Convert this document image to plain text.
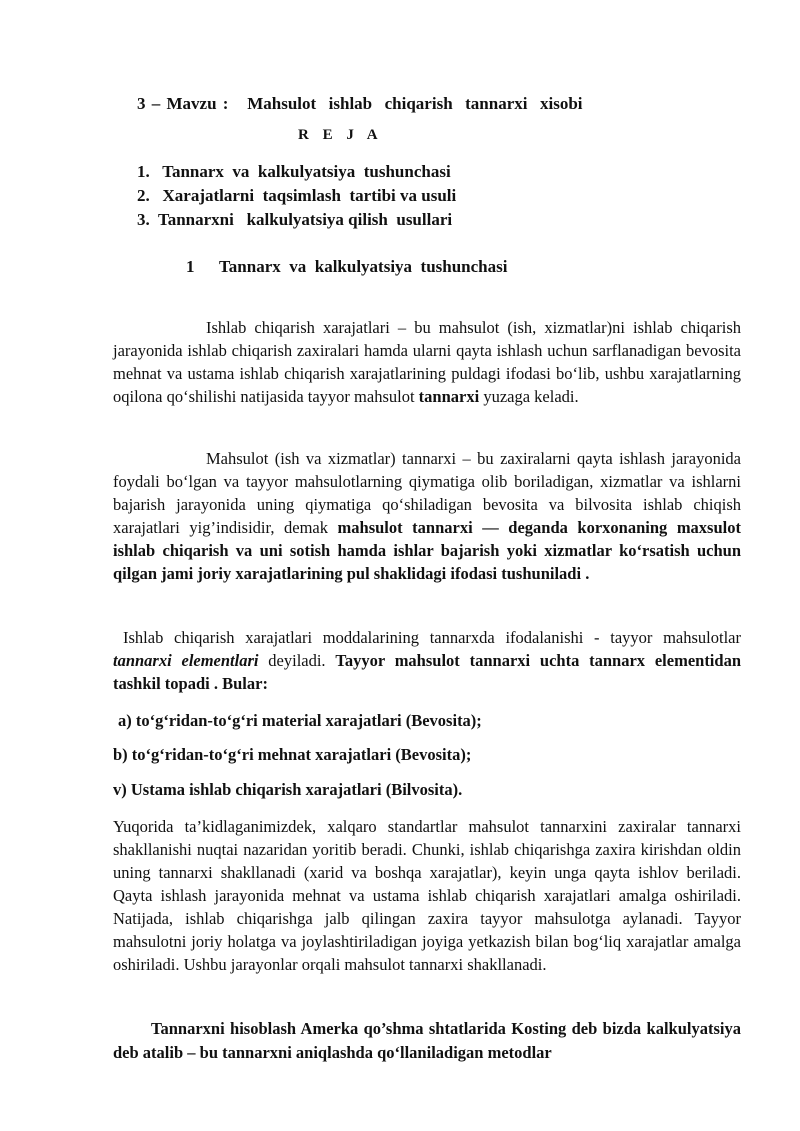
3 – Mavzu :   Mahsulot  ishlab  chiqarish  tannarxi  xisobi
R E J A
1.   Tannarx  va  kalkulyatsiya  tushunchasi
2.   Xarajatlarni  taqsimlash  tartibi va usuli
3.  Tannarxni   kalkulyatsiya qilish  usullari
1 Tannarx  va  kalkulyatsiya  tushunchasi

Ishlab chiqarish xarajatlari – bu mahsulot (ish, xizmatlar)ni ishlab chiqarish jarayonida ishlab chiqarish zaxiralari hamda ularni qayta ishlash uchun sarflanadigan bevosita mehnat va ustama ishlab chiqarish xarajatlarining puldagi ifodasi bo‘lib, ushbu xarajatlarning oqilona qo‘shilishi natijasida tayyor mahsulot tannarxi yuzaga keladi.

Mahsulot (ish va xizmatlar) tannarxi – bu zaxiralarni qayta ishlash jarayonida foydali bo‘lgan va tayyor mahsulotlarning qiymatiga olib boriladigan, xizmatlar va ishlarni bajarish jarayonida uning qiymatiga qo‘shiladigan bevosita va bilvosita ishlab chiqish xarajatlari yig’indisidir, demak mahsulot tannarxi — deganda korxonaning maxsulot ishlab chiqarish va uni sotish hamda ishlar bajarish yoki xizmatlar ko‘rsatish uchun qilgan jami joriy xarajatlarining pul shaklidagi ifodasi tushuniladi .

Ishlab chiqarish xarajatlari moddalarining tannarxda ifodalanishi - tayyor mahsulotlar tannarxi elementlari deyiladi. Tayyor mahsulot tannarxi uchta tannarx elementidan tashkil topadi . Bular:

a) to‘g‘ridan-to‘g‘ri material xarajatlari (Bevosita);

b) to‘g‘ridan-to‘g‘ri mehnat xarajatlari (Bevosita);

v) Ustama ishlab chiqarish xarajatlari (Bilvosita).

Yuqorida ta’kidlaganimizdek, xalqaro standartlar mahsulot tannarxini zaxiralar tannarxi shakllanishi nuqtai nazaridan yoritib beradi. Chunki, ishlab chiqarishga zaxira kirishdan oldin uning tannarxi shakllanadi (xarid va boshqa xarajatlar), keyin unga qayta ishlov beriladi. Qayta ishlash jarayonida mehnat va ustama ishlab chiqarish xarajatlari amalga oshiriladi. Natijada, ishlab chiqarishga jalb qilingan zaxira tayyor mahsulotga aylanadi. Tayyor mahsulotni joriy holatga va joylashtiriladigan joyiga yetkazish bilan bog‘liq xarajatlar amalga oshiriladi. Ushbu jarayonlar orqali mahsulot tannarxi shakllanadi.

Tannarxni hisoblash Amerka qo’shma shtatlarida Kosting deb bizda kalkulyatsiya deb atalib – bu tannarxni aniqlashda qo‘llaniladigan metodlar
